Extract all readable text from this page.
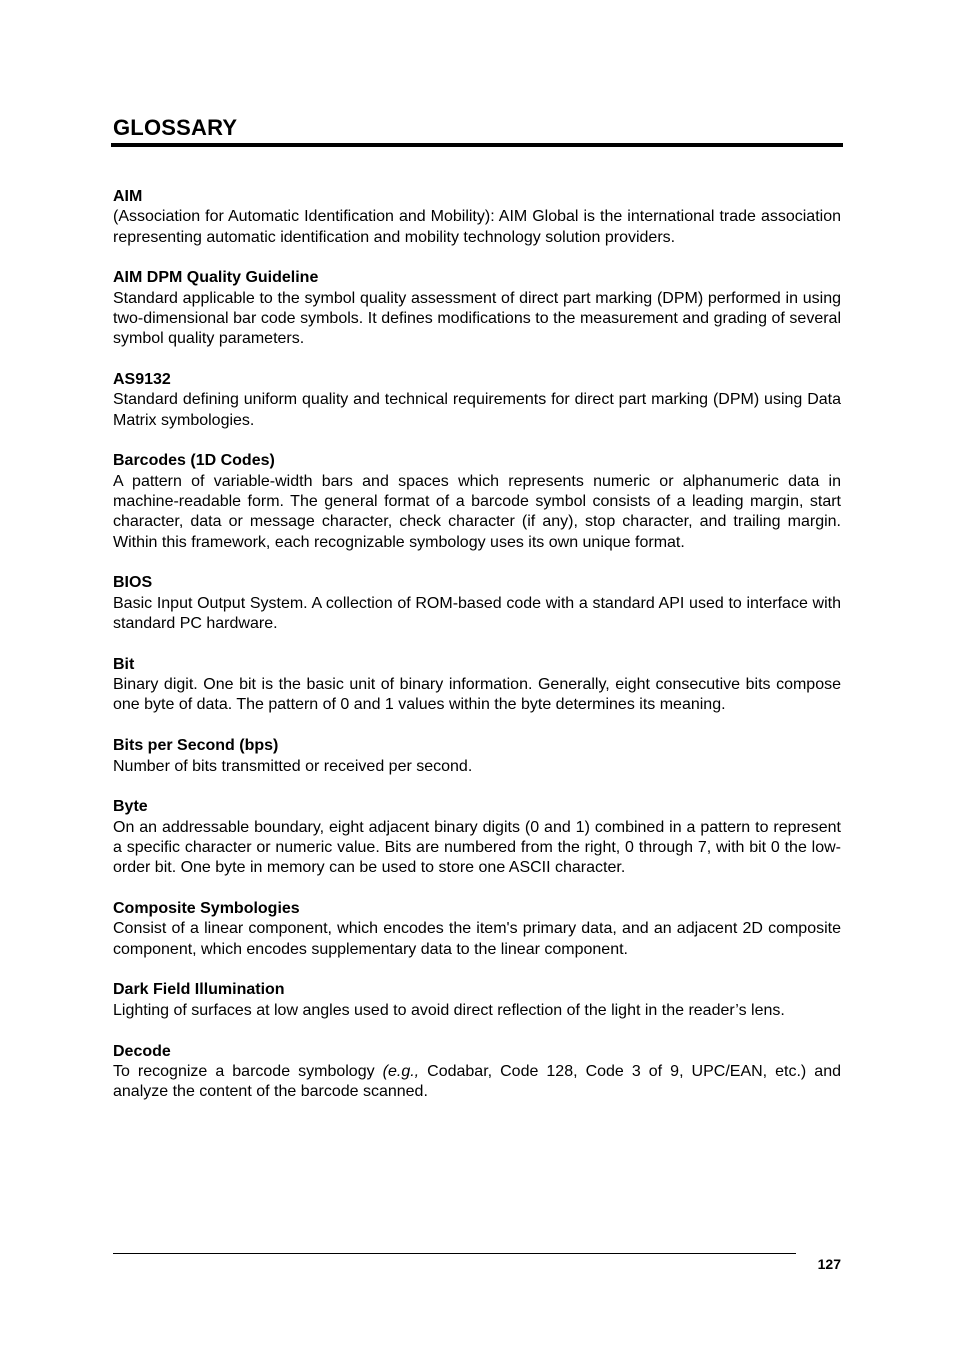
GLOSSARY

AIM

(Association for Automatic Identification and Mobility): AIM Global is the international trade association representing automatic identification and mobility technology solution providers.

AIM DPM Quality Guideline

Standard applicable to the symbol quality assessment of direct part marking (DPM) performed in using two-dimensional bar code symbols. It defines modifications to the measurement and grading of several symbol quality parameters.

AS9132

Standard defining uniform quality and technical requirements for direct part marking (DPM) using Data Matrix symbologies.

Barcodes (1D Codes)

A pattern of variable-width bars and spaces which represents numeric or alphanumeric data in machine-readable form. The general format of a barcode symbol consists of a leading margin, start character, data or message character, check character (if any), stop character, and trailing margin. Within this framework, each recognizable symbology uses its own unique format.

BIOS

Basic Input Output System. A collection of ROM-based code with a standard API used to interface with standard PC hardware.

Bit

Binary digit. One bit is the basic unit of binary information. Generally, eight consecutive bits compose one byte of data. The pattern of 0 and 1 values within the byte determines its meaning.

Bits per Second (bps)

Number of bits transmitted or received per second.

Byte

On an addressable boundary, eight adjacent binary digits (0 and 1) combined in a pattern to represent a specific character or numeric value. Bits are numbered from the right, 0 through 7, with bit 0 the low-order bit. One byte in memory can be used to store one ASCII character.

Composite Symbologies

Consist of a linear component, which encodes the item's primary data, and an adjacent 2D composite component, which encodes supplementary data to the linear component.

Dark Field Illumination

Lighting of surfaces at low angles used to avoid direct reflection of the light in the reader’s lens.

Decode

To recognize a barcode symbology (e.g., Codabar, Code 128, Code 3 of 9, UPC/EAN, etc.) and analyze the content of the barcode scanned.

127
